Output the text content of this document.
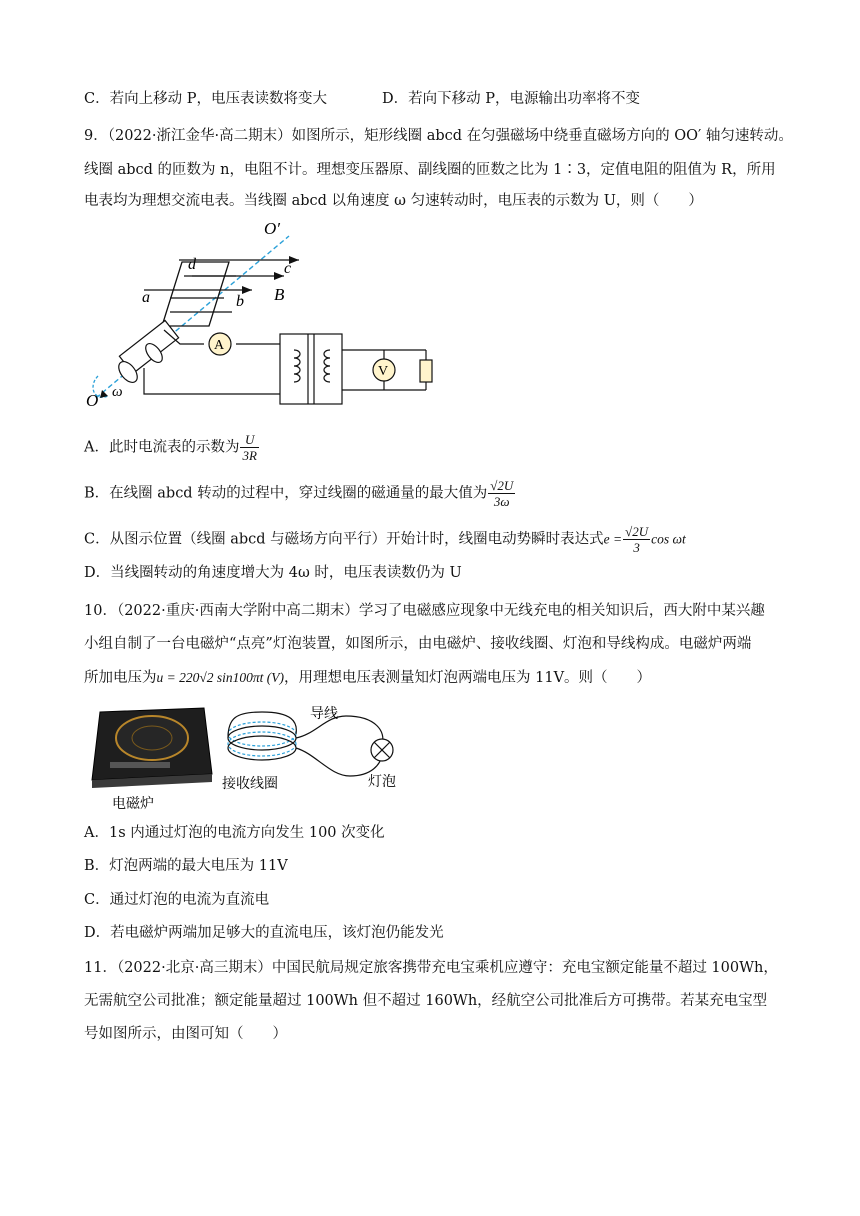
C．若向上移动 P，电压表读数将变大	D．若向下移动 P，电源输出功率将不变
9．（2022·浙江金华·高二期末）如图所示，矩形线圈 abcd 在匀强磁场中绕垂直磁场方向的 OO′ 轴匀速转动。
线圈 abcd 的匝数为 n，电阻不计。理想变压器原、副线圈的匝数之比为 1∶3，定值电阻的阻值为 R，所用
电表均为理想交流电表。当线圈 abcd 以角速度 ω 匀速转动时，电压表的示数为 U，则（　　）
O′
d	c
a	b B
A
V
O ω
A．此时电流表的示数为 $\frac{U}{3R}$
B．在线圈 abcd 转动的过程中，穿过线圈的磁通量的最大值为 $\frac{√2U}{3\omega}$
C．从图示位置（线圈 abcd 与磁场方向平行）开始计时，线圈电动势瞬时表达式$e = \frac{√2U}{3}$ cos ωt
D．当线圈转动的角速度增大为 4ω 时，电压表读数仍为 U
10．（2022·重庆·西南大学附中高二期末）学习了电磁感应现象中无线充电的相关知识后，西大附中某兴趣
小组自制了一台电磁炉“点亮”灯泡装置，如图所示，由电磁炉、接收线圈、灯泡和导线构成。电磁炉两端
所加电压为u = 220√2 sin100πt (V)，用理想电压表测量知灯泡两端电压为 11V。则（　　）
电磁炉
导线
接收线圈	灯泡
A．1s 内通过灯泡的电流方向发生 100 次变化
B．灯泡两端的最大电压为 11V
C．通过灯泡的电流为直流电
D．若电磁炉两端加足够大的直流电压，该灯泡仍能发光
11．（2022·北京·高三期末）中国民航局规定旅客携带充电宝乘机应遵守：充电宝额定能量不超过 100Wh，
无需航空公司批准；额定能量超过 100Wh 但不超过 160Wh，经航空公司批准后方可携带。若某充电宝型
号如图所示，由图可知（　　）
